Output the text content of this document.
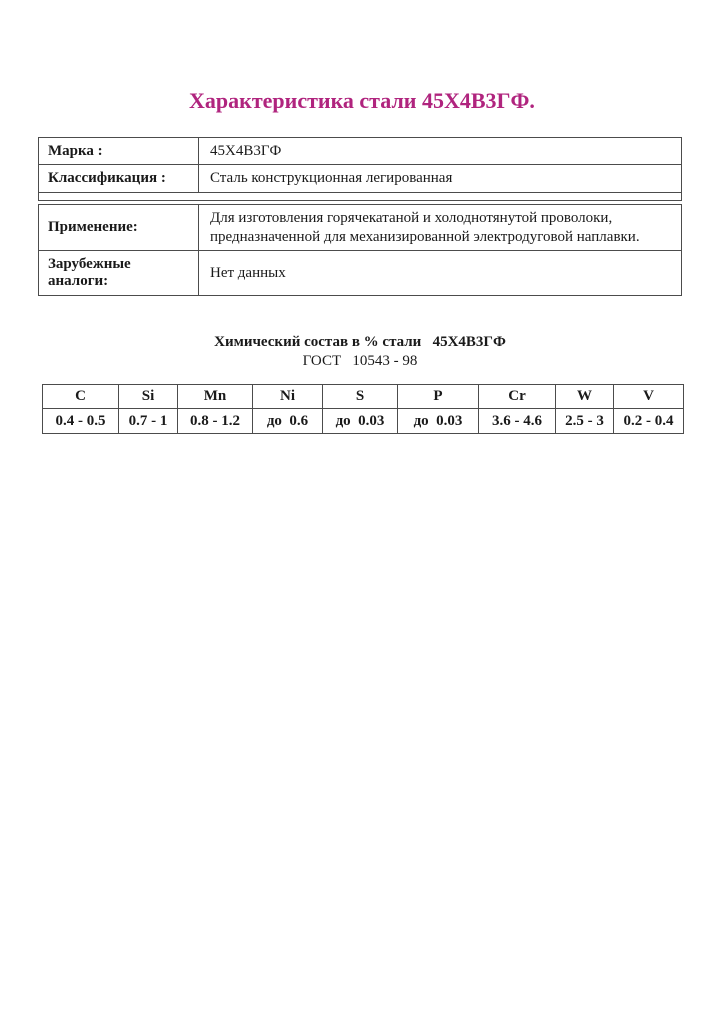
Характеристика стали 45Х4В3ГФ.
Марка :	45Х4В3ГФ
Классификация :	Сталь конструкционная легированная

Применение:	Для изготовления горячекатаной и холоднотянутой проволоки, предназначенной для механизированной электродуговой наплавки.
Зарубежные аналоги:	Нет данных
Химический состав в % стали   45Х4В3ГФ
ГОСТ   10543 - 98
C	Si	Mn	Ni	S	P	Cr	W	V
0.4 - 0.5	0.7 - 1	0.8 - 1.2	до  0.6	до  0.03	до  0.03	3.6 - 4.6	2.5 - 3	0.2 - 0.4
